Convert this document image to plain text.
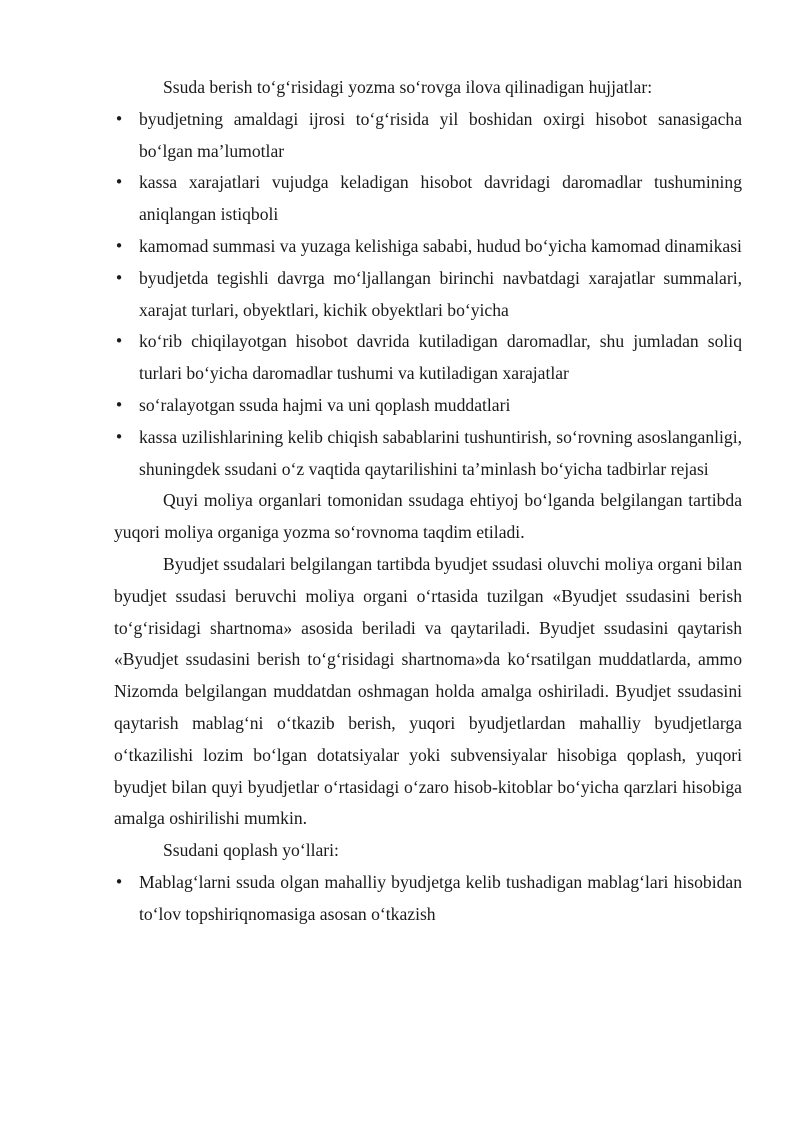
Ssuda berish to‘g‘risidagi yozma so‘rovga ilova qilinadigan hujjatlar:

• byudjetning amaldagi ijrosi to‘g‘risida yil boshidan oxirgi hisobot sanasigacha bo‘lgan ma’lumotlar
• kassa xarajatlari vujudga keladigan hisobot davridagi daromadlar tushumining aniqlangan istiqboli
• kamomad summasi va yuzaga kelishiga sababi, hudud bo‘yicha kamomad dinamikasi
• byudjetda tegishli davrga mo‘ljallangan birinchi navbatdagi xarajatlar summalari, xarajat turlari, obyektlari, kichik obyektlari bo‘yicha
• ko‘rib chiqilayotgan hisobot davrida kutiladigan daromadlar, shu jumladan soliq turlari bo‘yicha daromadlar tushumi va kutiladigan xarajatlar
• so‘ralayotgan ssuda hajmi va uni qoplash muddatlari
• kassa uzilishlarining kelib chiqish sabablarini tushuntirish, so‘rovning asoslanganligi, shuningdek ssudani o‘z vaqtida qaytarilishini ta’minlash bo‘yicha tadbirlar rejasi

Quyi moliya organlari tomonidan ssudaga ehtiyoj bo‘lganda belgilangan tartibda yuqori moliya organiga yozma so‘rovnoma taqdim etiladi.

Byudjet ssudalari belgilangan tartibda byudjet ssudasi oluvchi moliya organi bilan byudjet ssudasi beruvchi moliya organi o‘rtasida tuzilgan «Byudjet ssudasini berish to‘g‘risidagi shartnoma» asosida beriladi va qaytariladi. Byudjet ssudasini qaytarish «Byudjet ssudasini berish to‘g‘risidagi shartnoma»da ko‘rsatilgan muddatlarda, ammo Nizomda belgilangan muddatdan oshmagan holda amalga oshiriladi. Byudjet ssudasini qaytarish mablag‘ni o‘tkazib berish, yuqori byudjetlardan mahalliy byudjetlarga o‘tkazilishi lozim bo‘lgan dotatsiyalar yoki subvensiyalar hisobiga qoplash, yuqori byudjet bilan quyi byudjetlar o‘rtasidagi o‘zaro hisob-kitoblar bo‘yicha qarzlari hisobiga amalga oshirilishi mumkin.

Ssudani qoplash yo‘llari:

• Mablag‘larni ssuda olgan mahalliy byudjetga kelib tushadigan mablag‘lari hisobidan to‘lov topshiriqnomasiga asosan o‘tkazish
